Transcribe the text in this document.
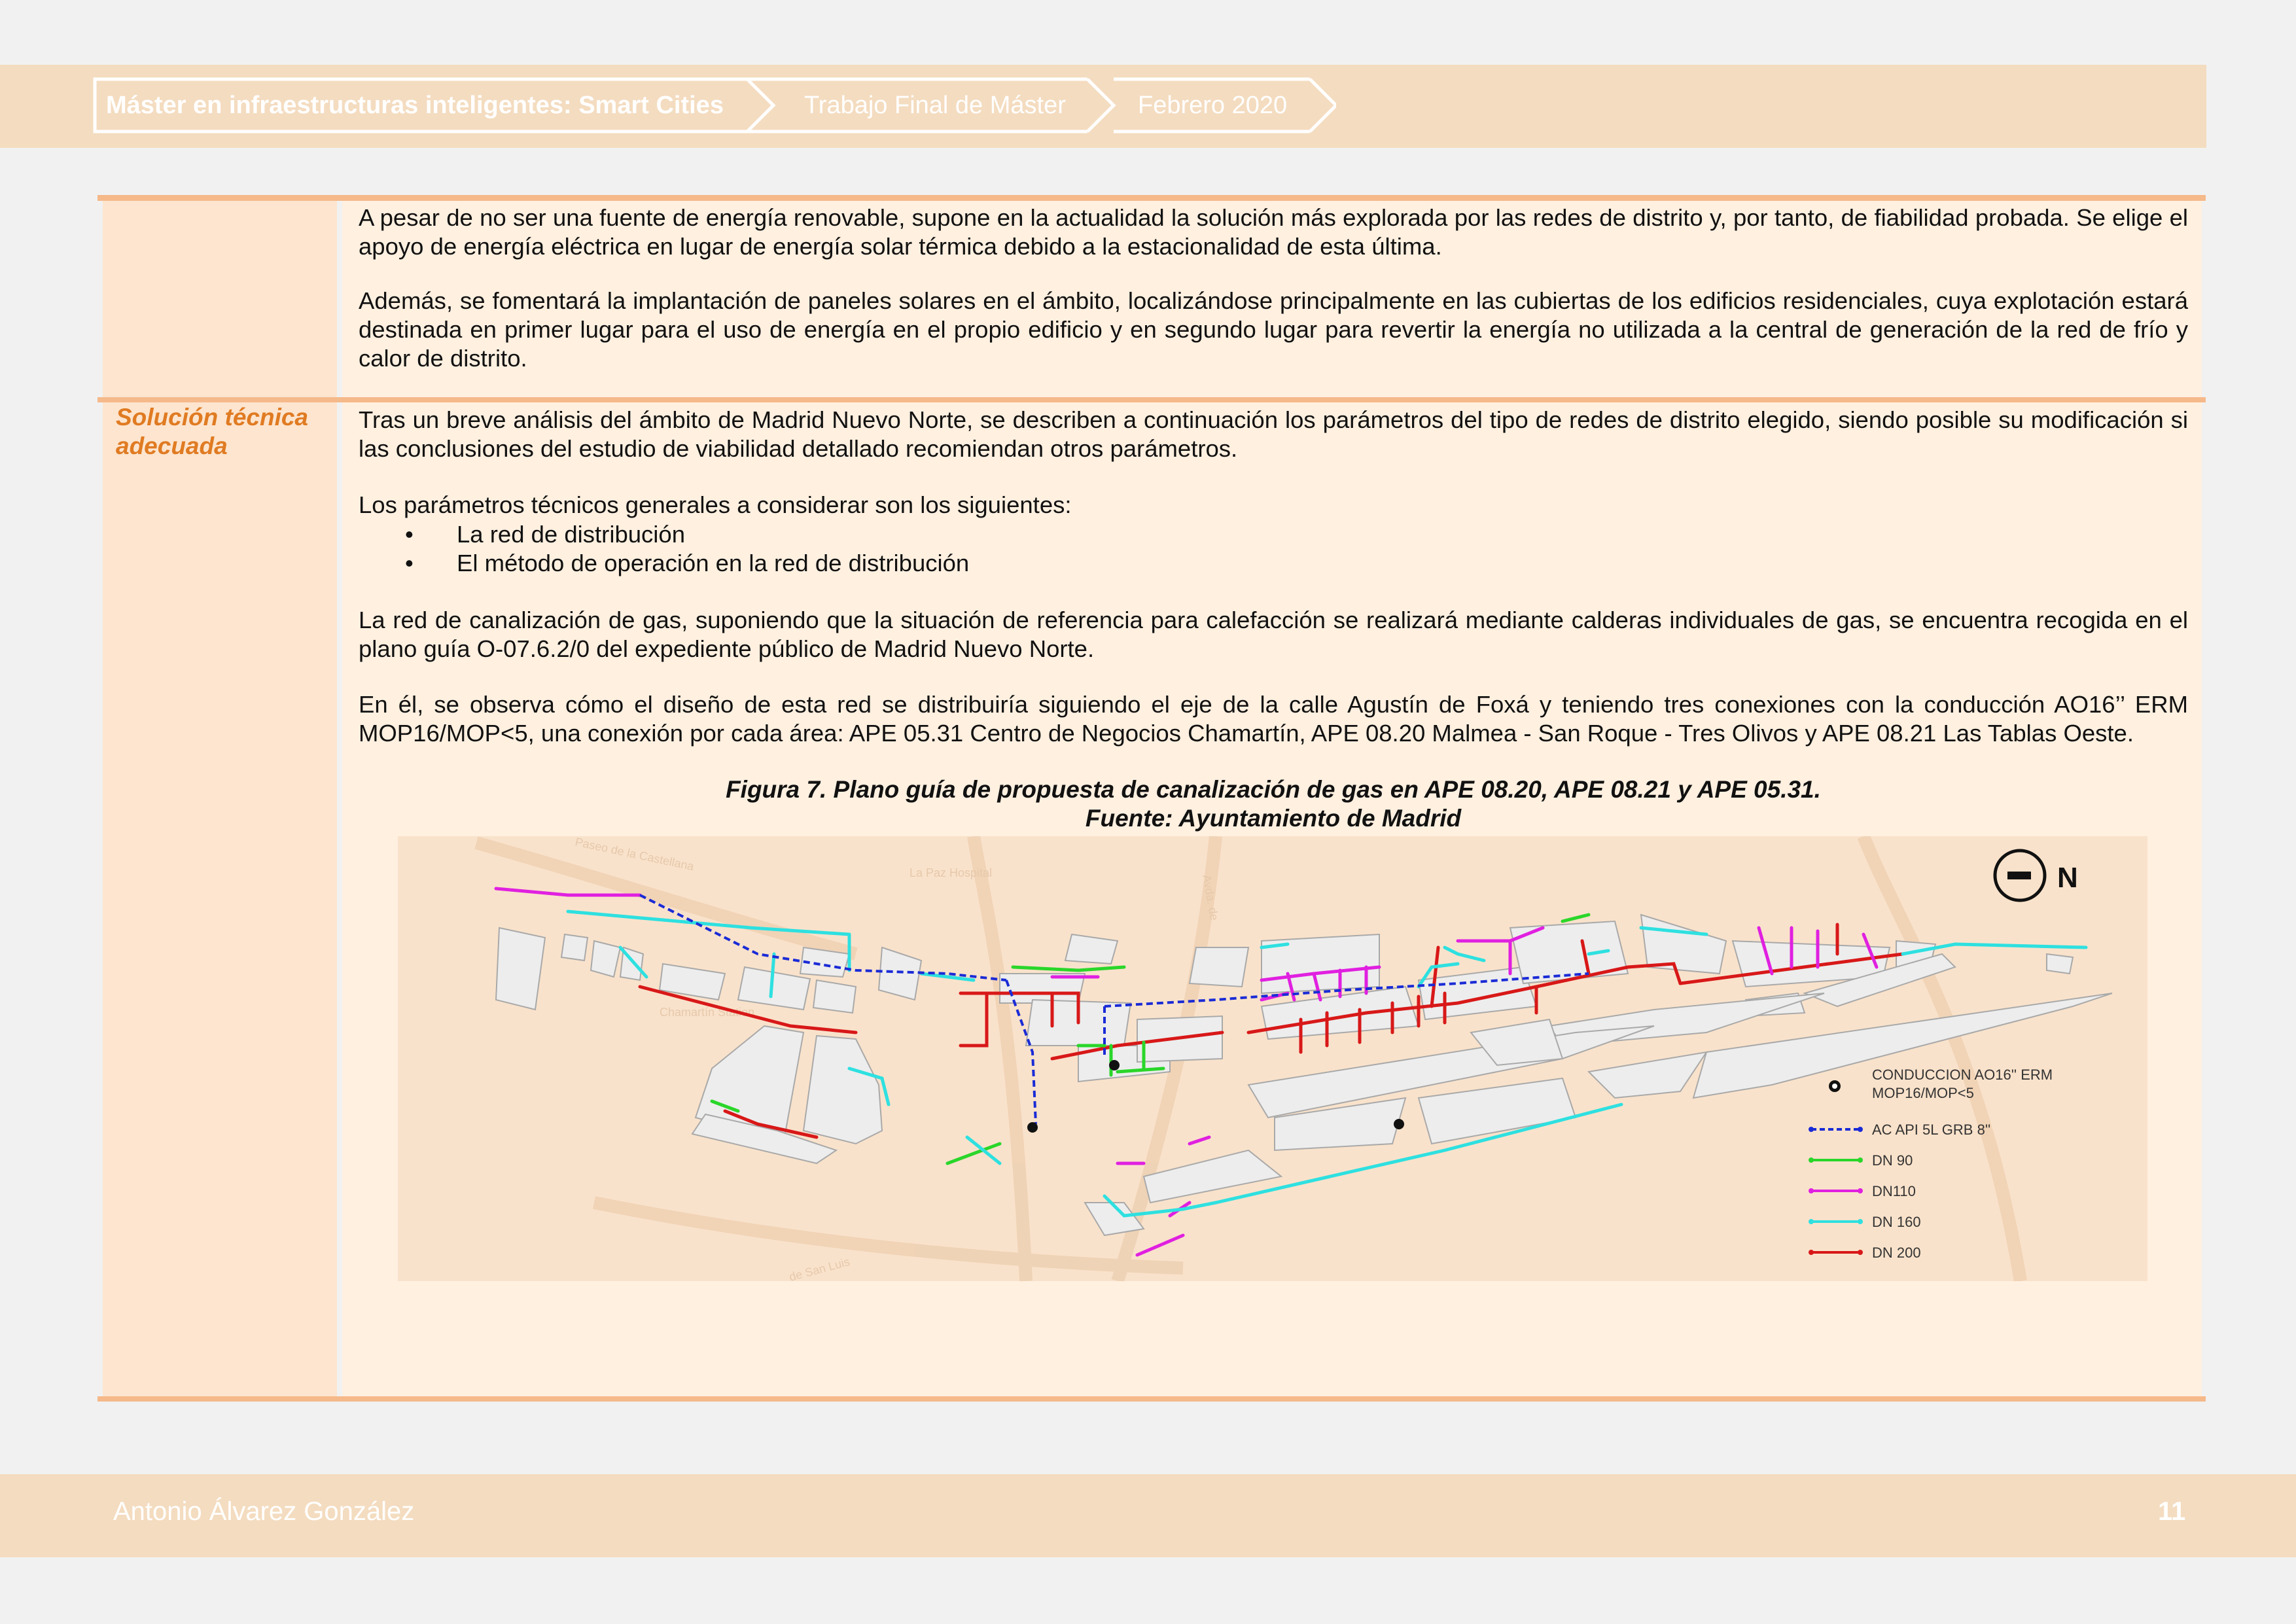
Máster en infraestructuras inteligentes: Smart Cities	Trabajo Final de Máster	Febrero 2020
A pesar de no ser una fuente de energía renovable, supone en la actualidad la solución más explorada por las redes de distrito y, por tanto, de fiabilidad probada. Se elige el apoyo de energía eléctrica en lugar de energía solar térmica debido a la estacionalidad de esta última.
Además, se fomentará la implantación de paneles solares en el ámbito, localizándose principalmente en las cubiertas de los edificios residenciales, cuya explotación estará destinada en primer lugar para el uso de energía en el propio edificio y en segundo lugar para revertir la energía no utilizada a la central de generación de la red de frío y calor de distrito.
Solución técnica adecuada
Tras un breve análisis del ámbito de Madrid Nuevo Norte, se describen a continuación los parámetros del tipo de redes de distrito elegido, siendo posible su modificación si las conclusiones del estudio de viabilidad detallado recomiendan otros parámetros.
Los parámetros técnicos generales a considerar son los siguientes:
• La red de distribución
• El método de operación en la red de distribución
La red de canalización de gas, suponiendo que la situación de referencia para calefacción se realizará mediante calderas individuales de gas, se encuentra recogida en el plano guía O-07.6.2/0 del expediente público de Madrid Nuevo Norte.
En él, se observa cómo el diseño de esta red se distribuiría siguiendo el eje de la calle Agustín de Foxá y teniendo tres conexiones con la conducción AO16’’ ERM MOP16/MOP<5, una conexión por cada área: APE 05.31 Centro de Negocios Chamartín, APE 08.20 Malmea - San Roque - Tres Olivos y APE 08.21 Las Tablas Oeste.
Figura 7. Plano guía de propuesta de canalización de gas en APE 08.20, APE 08.21 y APE 05.31.
Fuente: Ayuntamiento de Madrid
Paseo de la Castellana	La Paz Hospital
Chamartín Station
Avda. de
de San Luis
N
CONDUCCION AO16'' ERM
MOP16/MOP<5
AC API 5L GRB 8''
DN 90
DN110
DN 160
DN 200
Antonio Álvarez González	11
